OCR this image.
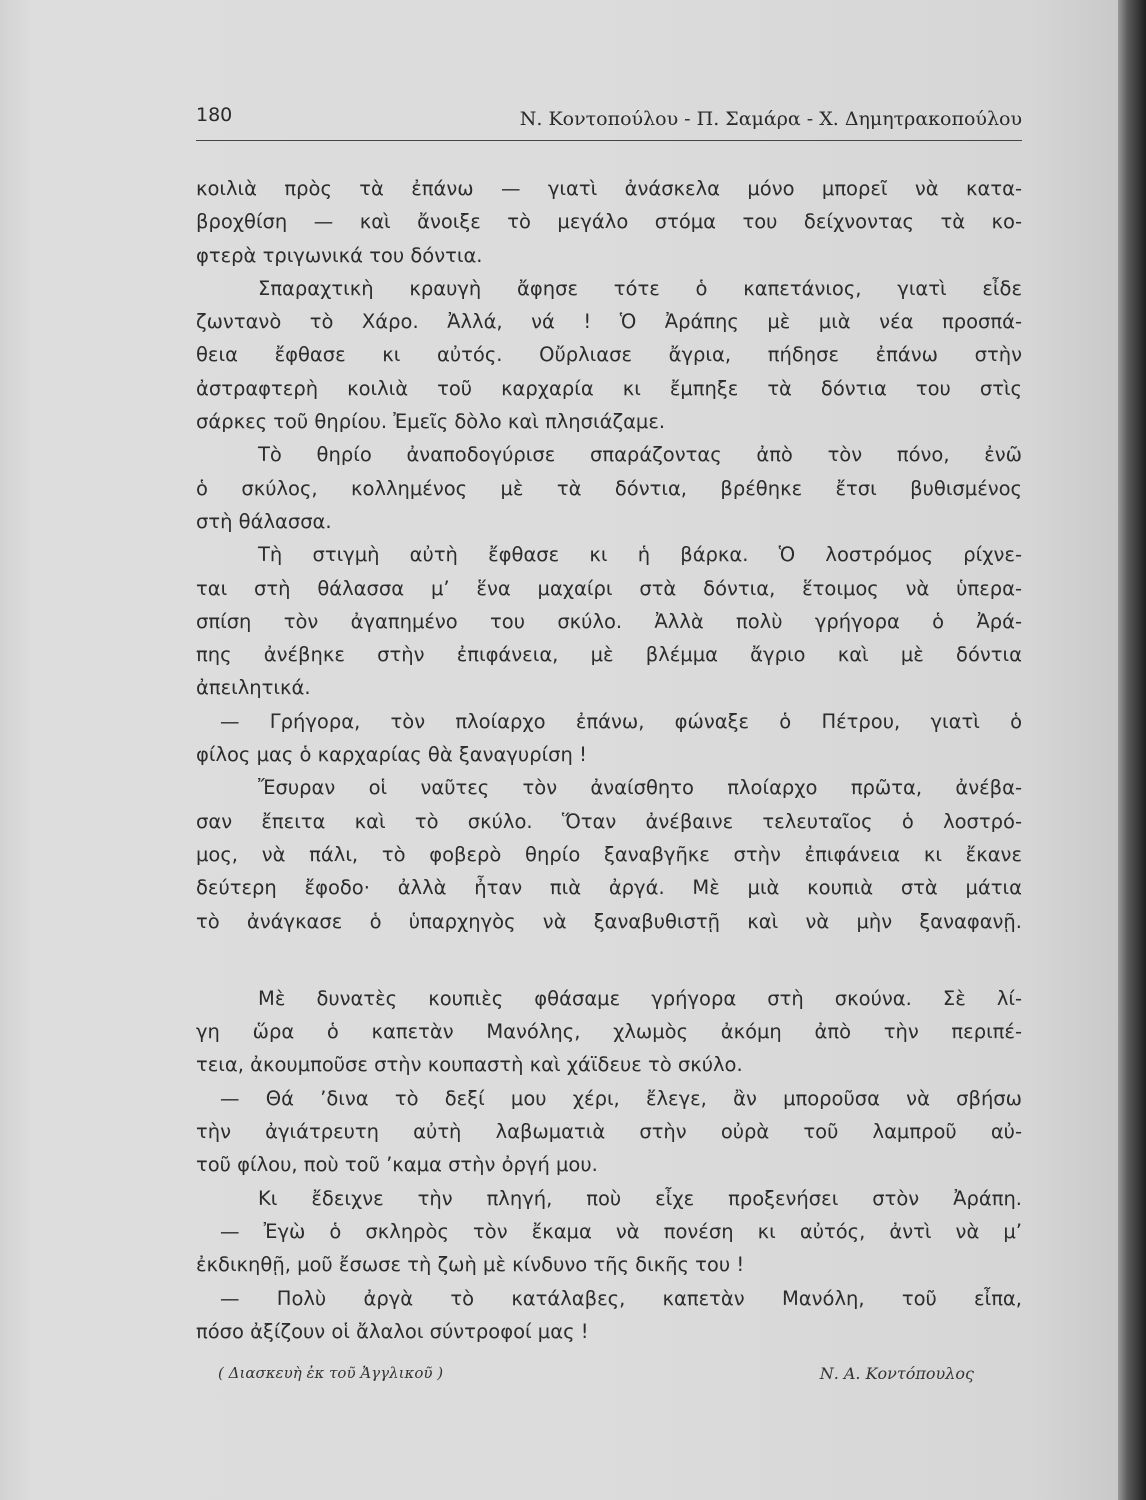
180	Ν. Κοντοπούλου - Π. Σαμάρα - Χ. Δημητρακοπούλου
κοιλιὰ πρὸς τὰ ἐπάνω — γιατὶ ἀνάσκελα μόνο μπορεῖ νὰ κατα-
βροχθίση — καὶ ἄνοιξε τὸ μεγάλο στόμα του δείχνοντας τὰ κο-
φτερὰ τριγωνικά του δόντια.
Σπαραχτικὴ κραυγὴ ἄφησε τότε ὁ καπετάνιος, γιατὶ εἶδε
ζωντανὸ τὸ Χάρο. Ἀλλά, νά ! Ὁ Ἀράπης μὲ μιὰ νέα προσπά-
θεια ἔφθασε κι αὐτός. Οὔρλιασε ἄγρια, πήδησε ἐπάνω στὴν
ἀστραφτερὴ κοιλιὰ τοῦ καρχαρία κι ἔμπηξε τὰ δόντια του στὶς
σάρκες τοῦ θηρίου. Ἐμεῖς δὸλο καὶ πλησιάζαμε.
Τὸ θηρίο ἀναποδογύρισε σπαράζοντας ἀπὸ τὸν πόνο, ἐνῶ
ὁ σκύλος, κολλημένος μὲ τὰ δόντια, βρέθηκε ἔτσι βυθισμένος
στὴ θάλασσα.
Τὴ στιγμὴ αὐτὴ ἔφθασε κι ἡ βάρκα. Ὁ λοστρόμος ρίχνε-
ται στὴ θάλασσα μ’ ἕνα μαχαίρι στὰ δόντια, ἕτοιμος νὰ ὑπερα-
σπίση τὸν ἀγαπημένο του σκύλο. Ἀλλὰ πολὺ γρήγορα ὁ Ἀρά-
πης ἀνέβηκε στὴν ἐπιφάνεια, μὲ βλέμμα ἄγριο καὶ μὲ δόντια
ἀπειλητικά.
— Γρήγορα, τὸν πλοίαρχο ἐπάνω, φώναξε ὁ Πέτρου, γιατὶ ὁ
φίλος μας ὁ καρχαρίας θὰ ξαναγυρίση !
Ἔσυραν οἱ ναῦτες τὸν ἀναίσθητο πλοίαρχο πρῶτα, ἀνέβα-
σαν ἔπειτα καὶ τὸ σκύλο. Ὅταν ἀνέβαινε τελευταῖος ὁ λοστρό-
μος, νὰ πάλι, τὸ φοβερὸ θηρίο ξαναβγῆκε στὴν ἐπιφάνεια κι ἔκανε
δεύτερη ἔφοδο· ἀλλὰ ἦταν πιὰ ἀργά. Μὲ μιὰ κουπιὰ στὰ μάτια
τὸ ἀνάγκασε ὁ ὑπαρχηγὸς νὰ ξαναβυθιστῇ καὶ νὰ μὴν ξαναφανῇ.
Μὲ δυνατὲς κουπιὲς φθάσαμε γρήγορα στὴ σκούνα. Σὲ λί-
γη ὥρα ὁ καπετὰν Μανόλης, χλωμὸς ἀκόμη ἀπὸ τὴν περιπέ-
τεια, ἀκουμποῦσε στὴν κουπαστὴ καὶ χάϊδευε τὸ σκύλο.
— Θά ’δινα τὸ δεξί μου χέρι, ἔλεγε, ἂν μποροῦσα νὰ σβήσω
τὴν ἀγιάτρευτη αὐτὴ λαβωματιὰ στὴν οὐρὰ τοῦ λαμπροῦ αὐ-
τοῦ φίλου, ποὺ τοῦ ’καμα στὴν ὀργή μου.
Κι ἔδειχνε τὴν πληγή, ποὺ εἶχε προξενήσει στὸν Ἀράπη.
— Ἐγὼ ὁ σκληρὸς τὸν ἔκαμα νὰ πονέση κι αὐτός, ἀντὶ νὰ μ’
ἐκδικηθῇ, μοῦ ἔσωσε τὴ ζωὴ μὲ κίνδυνο τῆς δικῆς του !
— Πολὺ ἀργὰ τὸ κατάλαβες, καπετὰν Μανόλη, τοῦ εἶπα,
πόσο ἀξίζουν οἱ ἄλαλοι σύντροφοί μας !
( Διασκευὴ ἐκ τοῦ Ἀγγλικοῦ )	Ν. Α. Κοντόπουλος
